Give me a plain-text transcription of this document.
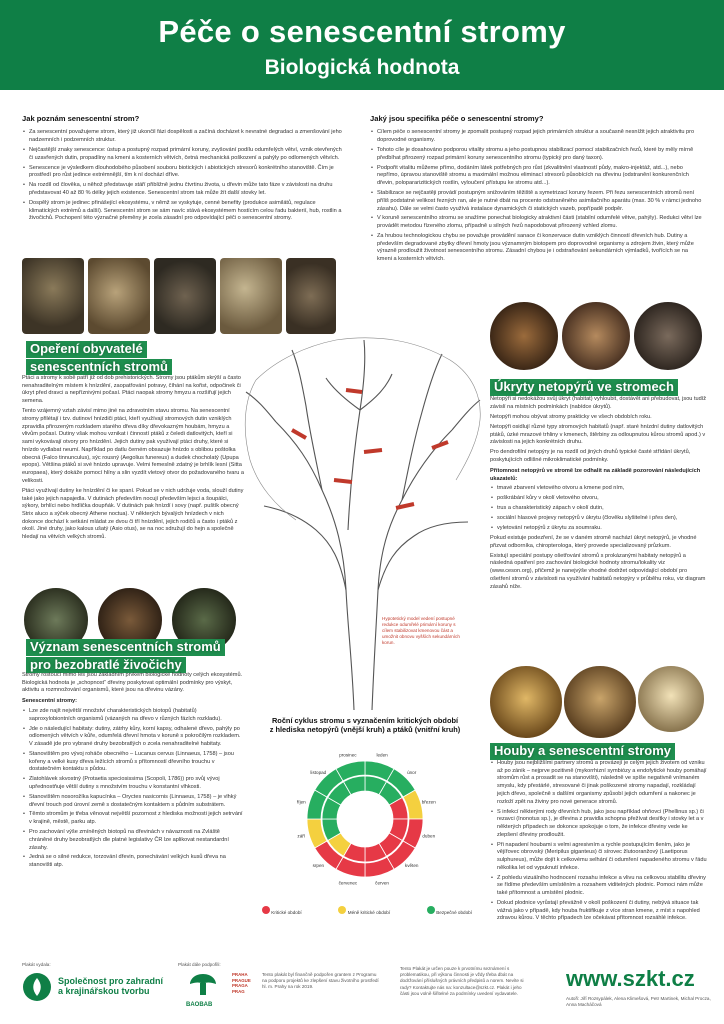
Péče o senescentní stromy
Biologická hodnota
Jak poznám senescentní strom?
• Za senescentní považujeme strom, který již ukončil fázi dospělosti a začíná docházet k nevratné degradaci a zmenšování jeho nadzemních i podzemních struktur.
• Nejčastější znaky senescence: ústup a postupný rozpad primární koruny, zvyšování podílu odumřelých větví, vznik otevřených či uzavřených dutin, propadliny na kmeni a kosterních větvích, četná mechanická poškození a pahýly po odlomených větvích.
• Senescence je výsledkem dlouhodobého působení souboru biotických i abiotických stresorů konkrétního stanoviště. Čím je prostředí pro růst jedince extrémnější, tím k ní dochází dříve.
• Na rozdíl od člověka, u něhož představuje stáří přibližně jednu čtvrtinu života, u dřevin může tato fáze v závislosti na druhu představovat 40 až 80 % délky jejich existence. Senescentní strom tak může žít další stovky let.
• Dospělý strom je jedinec přinášející ekosystému, v němž se vyskytuje, cenné benefity (produkce asimilátů, regulace klimatických extrémů a další). Senescentní strom se sám navíc stává ekosystémem hostícím celou řadu bakterií, hub, rostlin a živočichů. Pochopení této význačné přeměny je zcela zásadní pro odpovídající péči o senescentní stromy.
Jaký jsou specifika péče o senescentní stromy?
• Cílem péče o senescentní stromy je zpomalit postupný rozpad jejich primárních struktur a současně nesnížit jejich atraktivitu pro doprovodné organismy.
• Tohoto cíle je dosahováno podporou vitality stromu a jeho postupnou stabilizací pomocí stabilizačních řezů, které by měly mírně předbíhat přirozený rozpad primární koruny senescentního stromu (typický pro daný taxon).
• Podpořit vitalitu můžeme přímo, dodáním látek potřebných pro růst (zkvalitnění vlastností půdy, makro-injektáž, atd...), nebo nepřímo, úpravou stanoviště stromu a maximální možnou eliminací stresorů působících na dřevinu (odstranění konkurenčních dřevin, polopararizitických rostlin, vyloučení přístupu ke stromu atd...).
• Stabilizace se nejčastěji provádí postupným snižováním těžiště a symetrizací koruny řezem. Při řezu senescentních stromů není příliš podstatné velikost řezných ran, ale je nutné dbát na procento odstraněného asimilačního aparátu (max. 30 % v rámci jednoho zásahu). Dále se velmi často využívá instalace dynamických či statických vazeb, popřípadě podpěr.
• V koruně senescentního stromu se snažíme ponechat biologicky atraktivní části (stabilní odumřelé větve, pahýly). Redukci větví lze provádět metodou řízeného zlomu, případně u silných řezů napodobovat přirozený vzhled zlomu.
• Za hrubou technologickou chybu se považuje provádění sanace či konzervace dutin vzniklých činností dřevních hub. Dutiny a především degradované zbytky dřevní hmoty jsou významným biotopem pro doprovodné organismy a zdrojem živin, který může výrazně prodloužit životnost senescentního stromu. Zásadní chybou je i odstraňování sekundárních výmladků, tvořících se na kmeni a kosterních větvích.
Opeření obyvatelé
senescentních stromů

Ptáci a stromy k sobě patří již od dob prehistorických. Stromy jsou ptákům skrýší a často nenahraditelným místem k hnízdění, zaopatřování potravy, číhání na kořist, odpočinek či úkryt před dravci a nepříznivými počasí. Ptáci naopak stromy hmyzu a rozšiřují jejich semena.

Tento vzájemný vztah závisí mimo jiné na zdravotním stavu stromu. Na senescentní stromy přilétají i tzv. dutinoví hnízdiči ptáci, kteří využívají stromových dutin vzniklých zpravidla přirozeným rozkladem starého dřeva díky dřevokazným houbám, hmyzu a vlivům počasí. Dutiny však mohou vznikat i činností ptáků z čeledi datlovitých, kteří si sami vykovávají otvory pro hnízdění. Jejich dutiny pak využívají ptáci druhy, které si hnízdo vydlabat neumí. Například po datlu černém obsazuje hnízdo s oblibou poštolka obecná (Falco tinnunculus), sýc rousný (Aegolius funereus) a dudek chocholatý (Upupa epops). Většina ptáků si své hnízdo upravuje. Velmi řemeslně zdatný je brhlík lesní (Sitta europaea), který dokáže pomocí hlíny a slin vyzdít vletový otvor do požadovaného tvaru a velikosti.

Ptáci využívají dutiny ke hnízdění či ke spaní. Pokud se v nich udržuje voda, slouží dutiny také jako jejich napajedla. V dutinách především nocují především lejsci a šoupálci, sýkory, brhlíci nebo hrdlička doupňák. V dutinách pak hnízdí i sovy (např. puštík obecný Strix aluco a sýček obecný Athene noctua). V některých bývalých hnízdech v nich dokonce dochází k setkání mládat ze dvou či tří hnízdění, jejich rodičů a často i ptáků z okolí. Jiné druhy, jako kalous ušatý (Asio otus), se na noc sdružují do hejn a společně hledají na větvích velkých stromů.

Význam senescentních stromů
pro bezobratlé živočichy

Stromy rostoucí mimo les jsou základním prvkem biologické hodnoty celých ekosystémů. Biologická hodnota je „schopnost“ dřeviny poskytovat optimální podmínky pro výskyt, aktivitu a rozmnožování organismů, které jsou na dřevinu vázány.

Senescentní stromy:
• Lze zde najít největší množství charakteristických biotopů (habitatů) saproxylobiontních organismů (vázaných na dřevo v různých fázích rozkladu).
• Jde o následující habitaty: dutiny, zátrhy kůry, korní kapsy, odhalené dřevo, pahýly po odlomených větvích v kůře, odumřelá dřevní hmota v koruně s pokročilým rozkladem. V zásadě jde pro vybrané druhy bezobratlých o zcela nenahraditelné habitaty.
• Stanovištěm pro vývoj roháče obecného – Lucanus cervus (Linnaeus, 1758) – jsou kořeny a velké kusy dřeva ležících stromů s přítomností dřevního trouchu v dostatečném kontaktu s půdou.
• Zlatohlávek skvostný (Protaetia speciosissima (Scopoli, 1786)) pro svůj vývoj upřednostňuje větší dutiny s množstvím trouchu v konstantní vlhkosti.
• Stanovištěm nosorožíka kapucínka – Oryctes nasicornis (Linnaeus, 1758) – je vlhký dřevní trouch pod úrovní země s dostatečným kontaktem s půdním substrátem.
• Těmto stromům je třeba věnovat největší pozornost z hlediska možnosti jejich setrvání v krajině, městě, parku atp.
• Pro zachování výše zmíněných biotopů na dřevinách v návaznosti na Zvláště chráněné druhy bezobratlých dle platné legislativy ČR lze aplikovat nestandardní zásahy.
• Jedná se o silné redukce, torzování dřevin, ponechávání velkých kusů dřeva na stanovišti atp.
Hypotetický model vedení postupné redukce odumřelé primární koruny s cílem stabilizovat kmenovou část a umožnit obnovu vyšších sekundárních korun.
Úkryty netopýrů ve stromech

Netopýři si nedokážou svůj úkryt (habitat) vyhloubit, dostávět ani přebudovat, jsou tudíž závislí na místních podmínkách (nabídce úkrytů).

Netopýři mohou obývat stromy prakticky ve všech obdobích roku.

Netopýři osidlují různé typy stromových habitatů (např. staré hnízdní dutiny datlovitých ptáků, úzké mrazové trhliny v kmenech, štěrbiny za odloupnutou kůrou stromů apod.) v závislosti na jejich konkrétních druhu.

Pro dendrofilní netopýry je na rozdíl od jiných druhů typické časté střídání úkrytů, poskytujících odlišné mikroklimatické podmínky.

Přítomnost netopýrů ve stromě lze odhalit na základě pozorování následujících ukazatelů:
• tmavé zbarvení vletového otvoru a kmene pod ním,
• poškrábání kůry v okolí vletového otvoru,
• trus a charakteristický zápach v okolí dutin,
• sociální hlasové projevy netopýrů v úkrytu (člověku slyšitelné i přes den),
• vyletování netopýrů z úkrytu za soumraku.

Pokud existuje podezření, že se v daném stromě nachází úkryt netopýrů, je vhodné přizvat odborníka, chiropterologa, který provede specializovaný průzkum.

Existují speciální postupy ošetřování stromů s prokázanými habitaty netopýrů a následná opatření pro zachování biologické hodnoty stromu/lokality viz (www.ceson.org), přičemž je nanejvýše vhodné dodržet odpovídající období pro ošetření stromů v závislosti na využívání habitatů netopýry v průběhu roku, viz diagram zásahů níže.

Houby a senescentní stromy
• Houby jsou nejbližšími partnery stromů a provázejí je celým jejich životem od vzniku až po zánik – nejprve pozitivně (mykorrhizní symbiózy a endofytické houby pomáhají stromům růst a prosadit se na stanovišti), následně ve spíše negativně vnímaném smyslu, kdy přestárlé, stresované či jinak poškozené stromy napadají, rozkládají jejich dřevo, společně s dalšími organismy způsobí jejich odumření a nakonec je rozloží zpět na živiny pro nové generace stromů.
• S infekcí některými rody dřevních hub, jako jsou například ohňovci (Phellinus sp.) či rezavci (Inonotus sp.), je dřevina z pravidla schopna přežívat desítky i stovky let a v některých případech se dokonce spokojuje o tom, že infekce dřeviny vede ke zlepšení dřeviny prodloužit.
• Při napadení houbami s velmi agresivním a rychle postupujícím tlením, jako je vějířovec obrovský (Meripilus giganteus) či sírovec žlutooranžový (Laetiporus sulphureus), může dojít k celkovému selhání či odumření napadeného stromu v řádu několika let od vypuknutí infekce.
• Z pohledu vizuálního hodnocení rozsahu infekce a vlivu na celkovou stabilitu dřeviny se řídíme především umístěním a rozsahem viditelných plodnic. Pomoci nám může také přítomnost a umístění plodnic.
• Dokud plodnice vyrůstají převážně v okolí poškození či dutiny, nebývá situace tak vážná jako v případě, kdy houba fruktifikuje z více stran kmene, z míst s napohled zdravou kůrou. V těchto případech lze očekávat přítomnost rozsáhlé infekce.
Roční cyklus stromu s vyznačením kritických období
z hlediska netopýrů (vnější kruh) a ptáků (vnitřní kruh)
leden
únor
březen
duben
květen
červen
červenec
srpen
září
říjen
listopad
prosinec
Kritické období	Méně kritické období	Bezpečné období
Plakát vydala:
Společnost pro zahradní
a krajinářskou tvorbu
Plakát dále podpořili:
BAOBAB
PRAHA PRAGUE PRAGA PRAG
Tento plakát byl finančně podpořen grantem z Programu na podporu projektů ke zlepšení stavu životního prostředí hl. m. Prahy na rok 2019.
Tento Plakát je určen pouze k prvotnímu seznámení s problematikou, při výkonu činnosti je vždy třeba dbát na dodržování příslušných právních předpisů a norem. Nevíte si rady? Kontaktujte nás na: konzultace@szkt.cz. Plakát i jeho části jsou volně šiřitelné za podmínky uvedení vydavatele.
www.szkt.cz
Autoři: Jiří Rozsypálek, Alena Klimešová, Petr Martinek, Michal Procza, Anna Macháčová
